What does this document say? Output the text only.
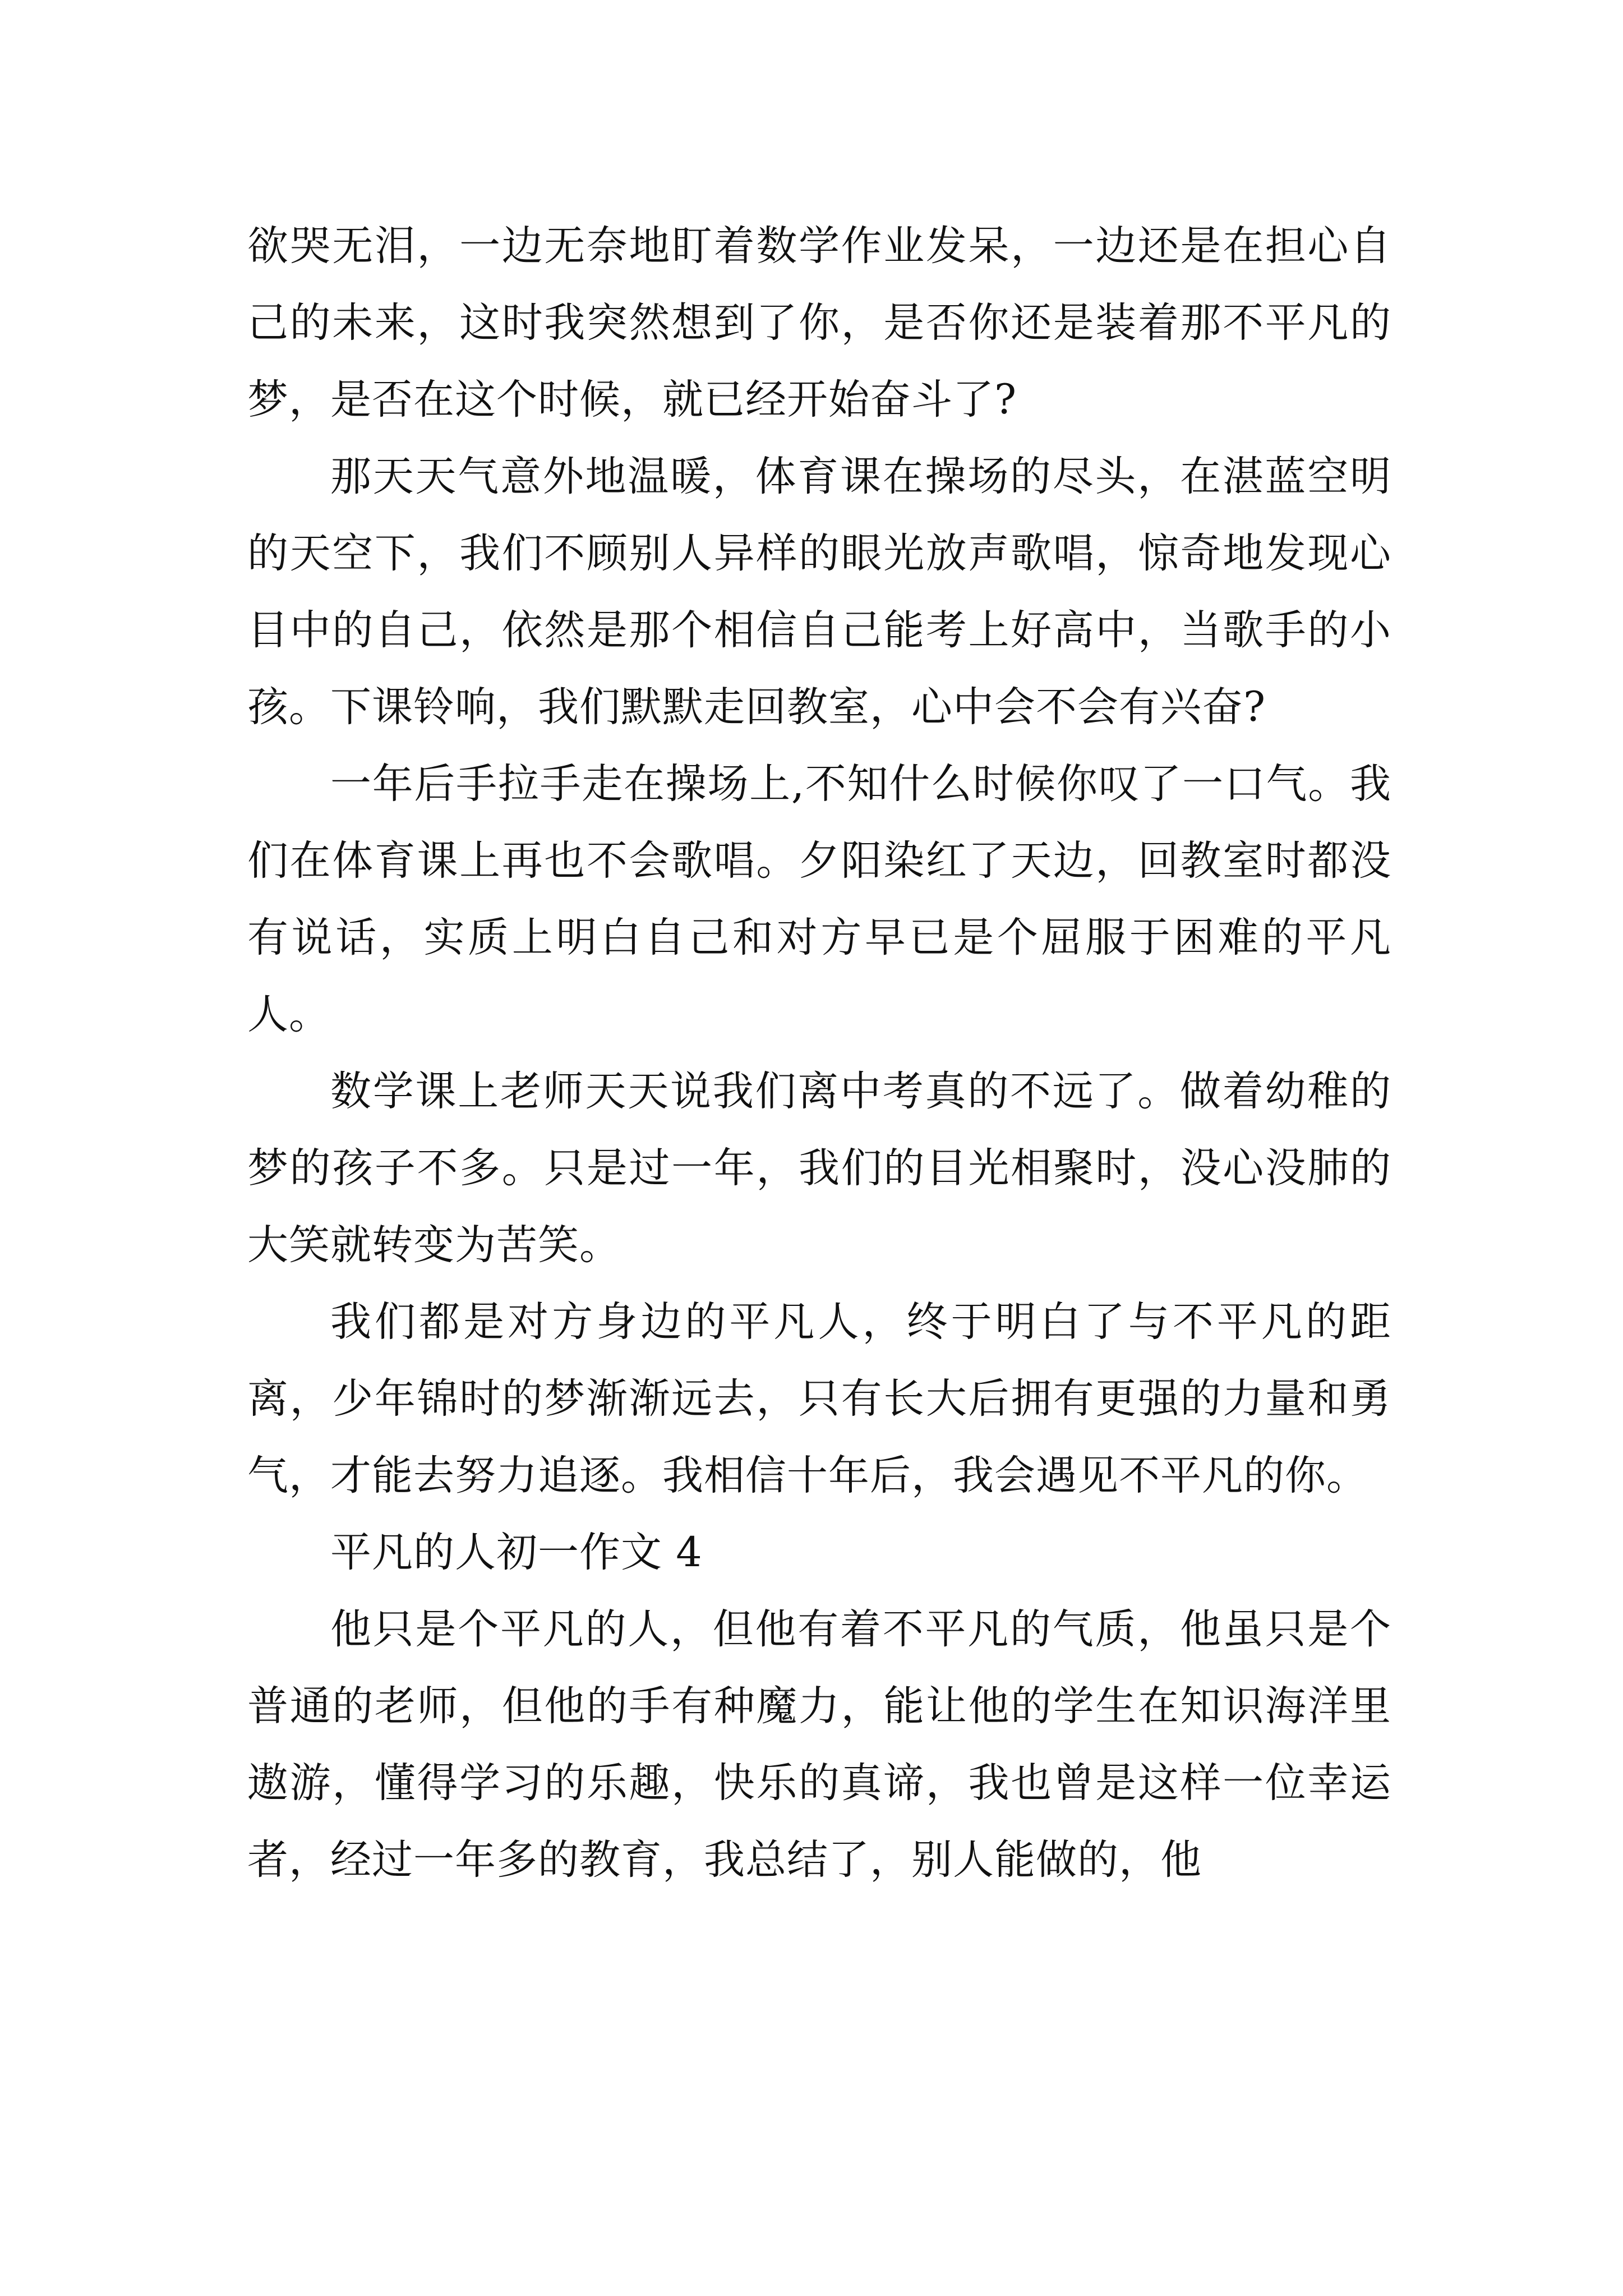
欲哭无泪，一边无奈地盯着数学作业发呆，一边还是在担心自己的未来，这时我突然想到了你，是否你还是装着那不平凡的梦，是否在这个时候，就已经开始奋斗了?

那天天气意外地温暖，体育课在操场的尽头，在湛蓝空明的天空下，我们不顾别人异样的眼光放声歌唱，惊奇地发现心目中的自己，依然是那个相信自己能考上好高中，当歌手的小孩。下课铃响，我们默默走回教室，心中会不会有兴奋?

一年后手拉手走在操场上,不知什么时候你叹了一口气。我们在体育课上再也不会歌唱。夕阳染红了天边，回教室时都没有说话，实质上明白自己和对方早已是个屈服于困难的平凡人。

数学课上老师天天说我们离中考真的不远了。做着幼稚的梦的孩子不多。只是过一年，我们的目光相聚时，没心没肺的大笑就转变为苦笑。

我们都是对方身边的平凡人，终于明白了与不平凡的距离，少年锦时的梦渐渐远去，只有长大后拥有更强的力量和勇气，才能去努力追逐。我相信十年后，我会遇见不平凡的你。

平凡的人初一作文 4

他只是个平凡的人，但他有着不平凡的气质，他虽只是个普通的老师，但他的手有种魔力，能让他的学生在知识海洋里遨游，懂得学习的乐趣，快乐的真谛，我也曾是这样一位幸运者，经过一年多的教育，我总结了，别人能做的，他
